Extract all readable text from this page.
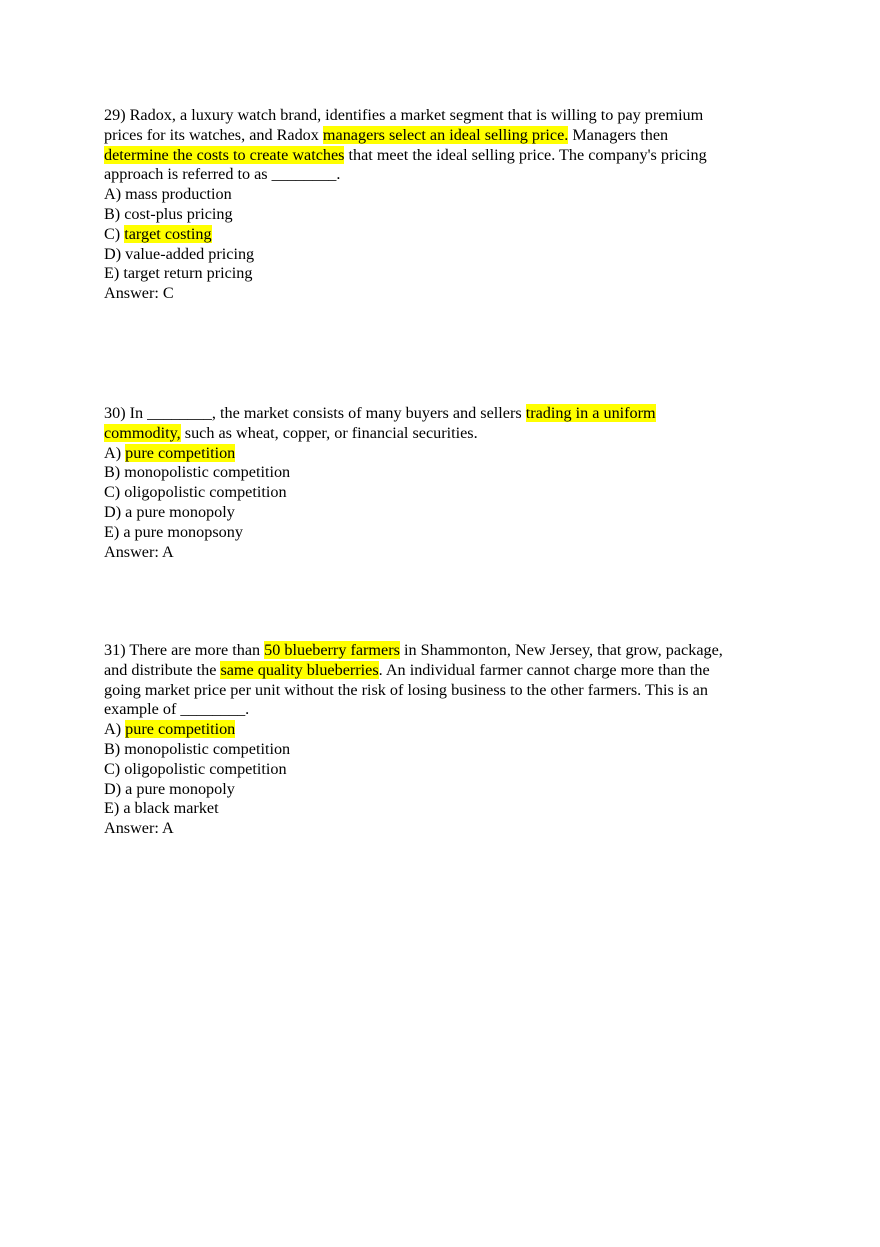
29) Radox, a luxury watch brand, identifies a market segment that is willing to pay premium
prices for its watches, and Radox managers select an ideal selling price. Managers then
determine the costs to create watches that meet the ideal selling price. The company's pricing
approach is referred to as ________.
A) mass production
B) cost-plus pricing
C) target costing
D) value-added pricing
E) target return pricing
Answer: C
30) In ________, the market consists of many buyers and sellers trading in a uniform
commodity, such as wheat, copper, or financial securities.
A) pure competition
B) monopolistic competition
C) oligopolistic competition
D) a pure monopoly
E) a pure monopsony
Answer: A
31) There are more than 50 blueberry farmers in Shammonton, New Jersey, that grow, package,
and distribute the same quality blueberries. An individual farmer cannot charge more than the
going market price per unit without the risk of losing business to the other farmers. This is an
example of ________.
A) pure competition
B) monopolistic competition
C) oligopolistic competition
D) a pure monopoly
E) a black market
Answer: A
